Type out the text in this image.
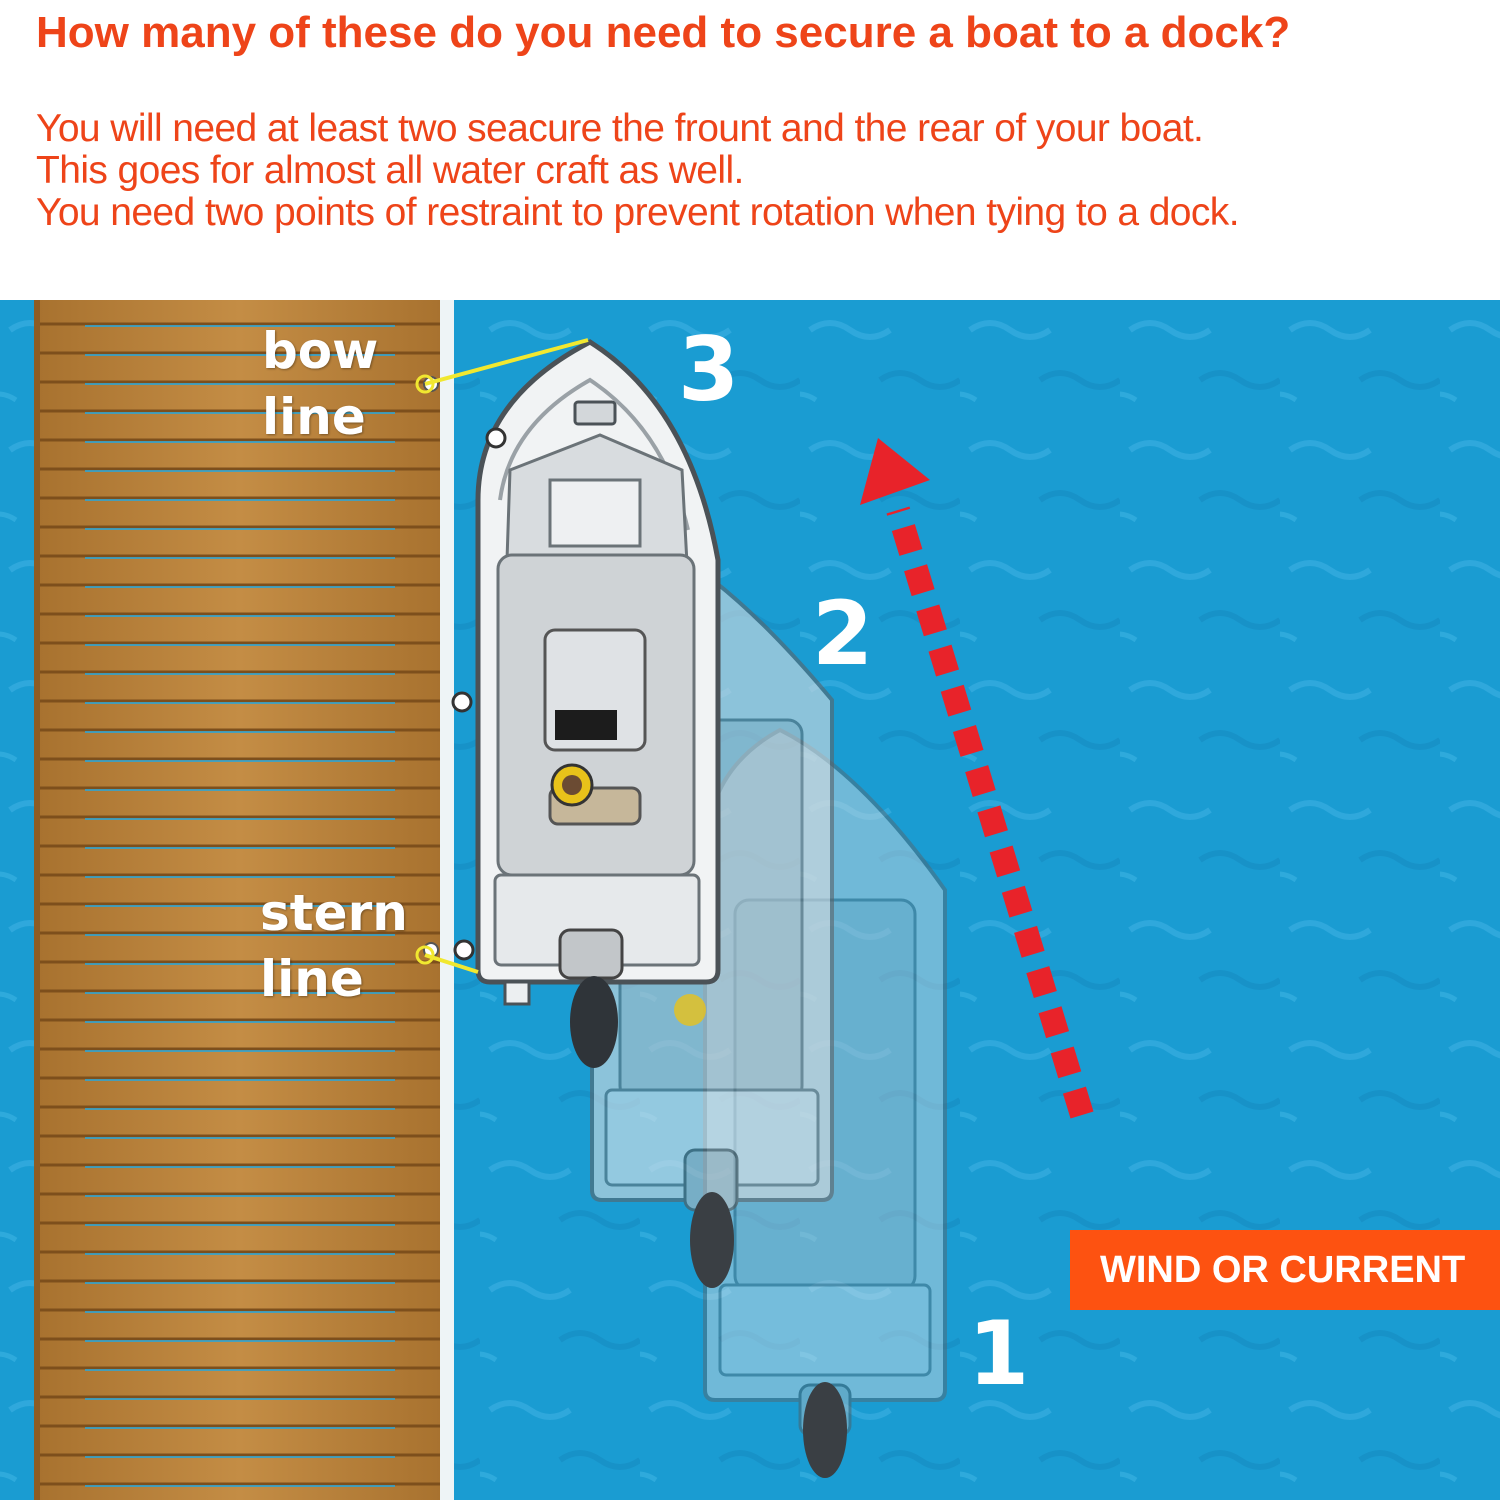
How many of these do you need to secure a boat to a dock?
You will need at least two seacure the frount and the rear of your boat.
This goes for almost all water craft as well.
You need two points of restraint to prevent rotation when tying to a dock.
bow
line
stern
line
3
2
1
WIND OR CURRENT
